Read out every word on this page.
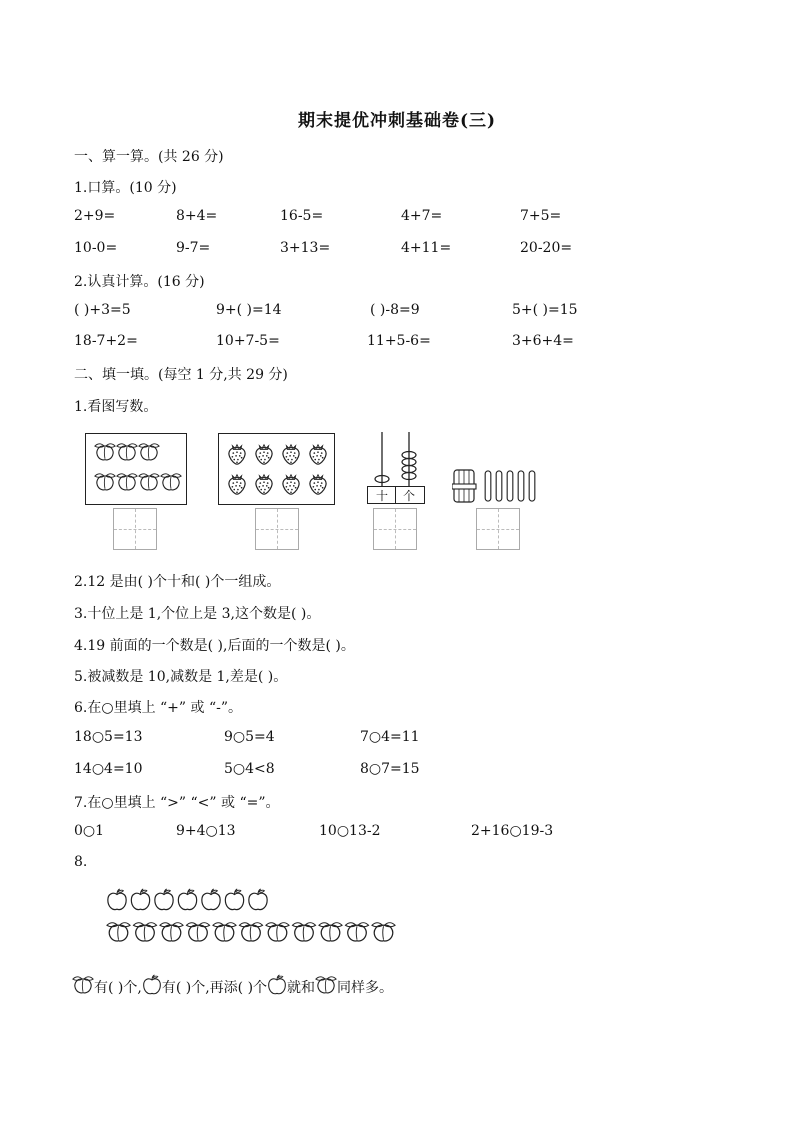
期末提优冲刺基础卷(三)
一、算一算。(共 26 分)
1.口算。(10 分)
2+9=	8+4=	16-5=	4+7=	7+5=
10-0=	9-7=	3+13=	4+11=	20-20=
2.认真计算。(16 分)
( )+3=5	9+( )=14	( )-8=9	5+( )=15
18-7+2=	10+7-5=	11+5-6=	3+6+4=
二、填一填。(每空 1 分,共 29 分)
1.看图写数。
十 个
2.12 是由( )个十和( )个一组成。
3.十位上是 1,个位上是 3,这个数是( )。
4.19 前面的一个数是( ),后面的一个数是( )。
5.被减数是 10,减数是 1,差是( )。
6.在○里填上 “+” 或 “-”。
18○5=13	9○5=4	7○4=11
14○4=10	5○4<8	8○7=15
7.在○里填上 “>” “<” 或 “=”。
0○1	9+4○13	10○13-2	2+16○19-3
8.
有( )个, 有( )个,再添( )个 就和 同样多。
